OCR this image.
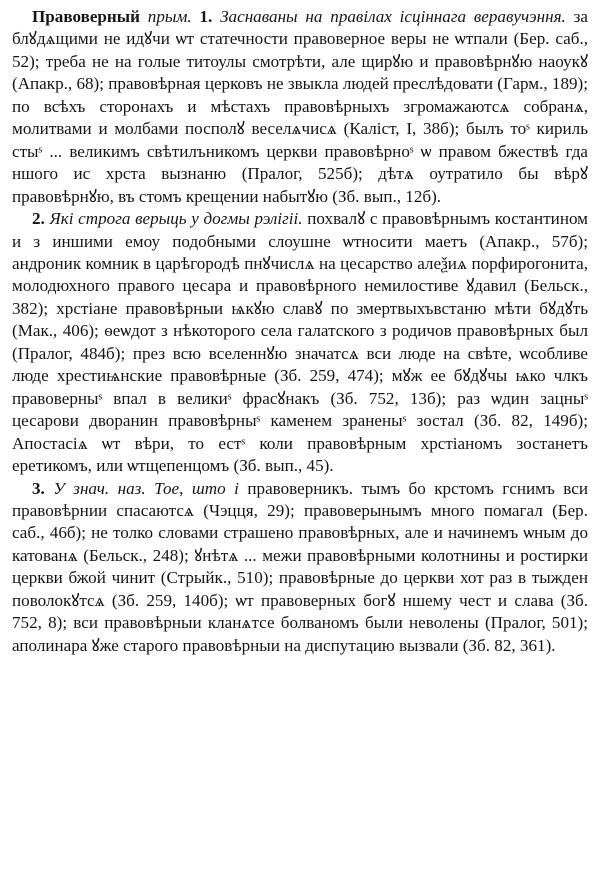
Правоверный прым. 1. Заснаваны на правілах ісціннага веравучэння. за блꙋдѧщими не идꙋчи ѡт статечности правоверное веры не ѡтпали (Бер. саб., 52); треба не на голые титоулы смотрѣти, але щирꙋю и правовѣрнꙋю наоукꙋ (Апакр., 68); правовѣрная церковъ не звыкла людей преслѣдовати (Гарм., 189); по всѣхъ сторонахъ и мѣстахъ правовѣрныхъ згромажаютсѧ собранѧ, молитвами и молбами посполꙋ веселѧчисѧ (Каліст, I, 38б); былъ тоˢ кириль стыˢ ... великимъ свѣтилъникомъ церкви правовѣрноˢ ѡ правом бжествѣ гда ншого ис хрста вызнаню (Пралог, 525б); дѣтѧ оутратило бы вѣрꙋ правовѣрнꙋю, въ стомъ крещении набытꙋю (Зб. вып., 12б).

2. Які строга верыць у догмы рэлігіі. похвалꙋ с правовѣрнымъ костантином и з иншими емоу подобными слоушне ѡтносити маетъ (Апакр., 57б); андроник комник в царѣгородѣ пнꙋчислѧ на цесарство алеѯиѧ порфирогонита, молодюхного правого цесара и правовѣрного немилостиве ꙋдавил (Бельск., 382); хрстiане правовѣрныи ѩкꙋю славꙋ по змертвыхъвстаню мѣти бꙋдꙋть (Мак., 406); ѳеѡдот з нѣкоторого села галатского з родичов правовѣрных был (Пралог, 484б); през всю вселеннꙋю значатсѧ вси люде на свѣте, ѡсобливе люде хрестиѩнские правовѣрные (Зб. 259, 474); мꙋж ее бꙋдꙋчы ѩко члкъ правоверныˢ впал в великиˢ фрасꙋнакъ (Зб. 752, 13б); раз ѡдин зацныˢ цесарови дворанин правовѣрныˢ каменем зраненыˢ зостал (Зб. 82, 149б); Апостасiѧ ѡт вѣри, то естˢ коли правовѣрным хрстiаномъ зостанетъ еретикомъ, или ѡтщепенцомъ (Зб. вып., 45).

3. У знач. наз. Тое, што і правоверникъ. тымъ бо крстомъ гснимъ вси правовѣрнии спасаютсѧ (Чэцця, 29); правоверынымъ много помагал (Бер. саб., 46б); не толко словами страшено правовѣрных, але и начинемъ ѡным до катованѧ (Бельск., 248); ꙋнѣтѧ ... межи правовѣрными колотнины и ростирки церкви бжой чинит (Стрыйк., 510); правовѣрные до церкви хот раз в тыжден поволокꙋтсѧ (Зб. 259, 140б); ѡт правоверных богꙋ ншему чест и слава (Зб. 752, 8); вси правовѣрныи кланѧтсе болваномъ были неволены (Пралог, 501); аполинара ꙋже старого правовѣрныи на диспутацию вызвали (Зб. 82, 361).
